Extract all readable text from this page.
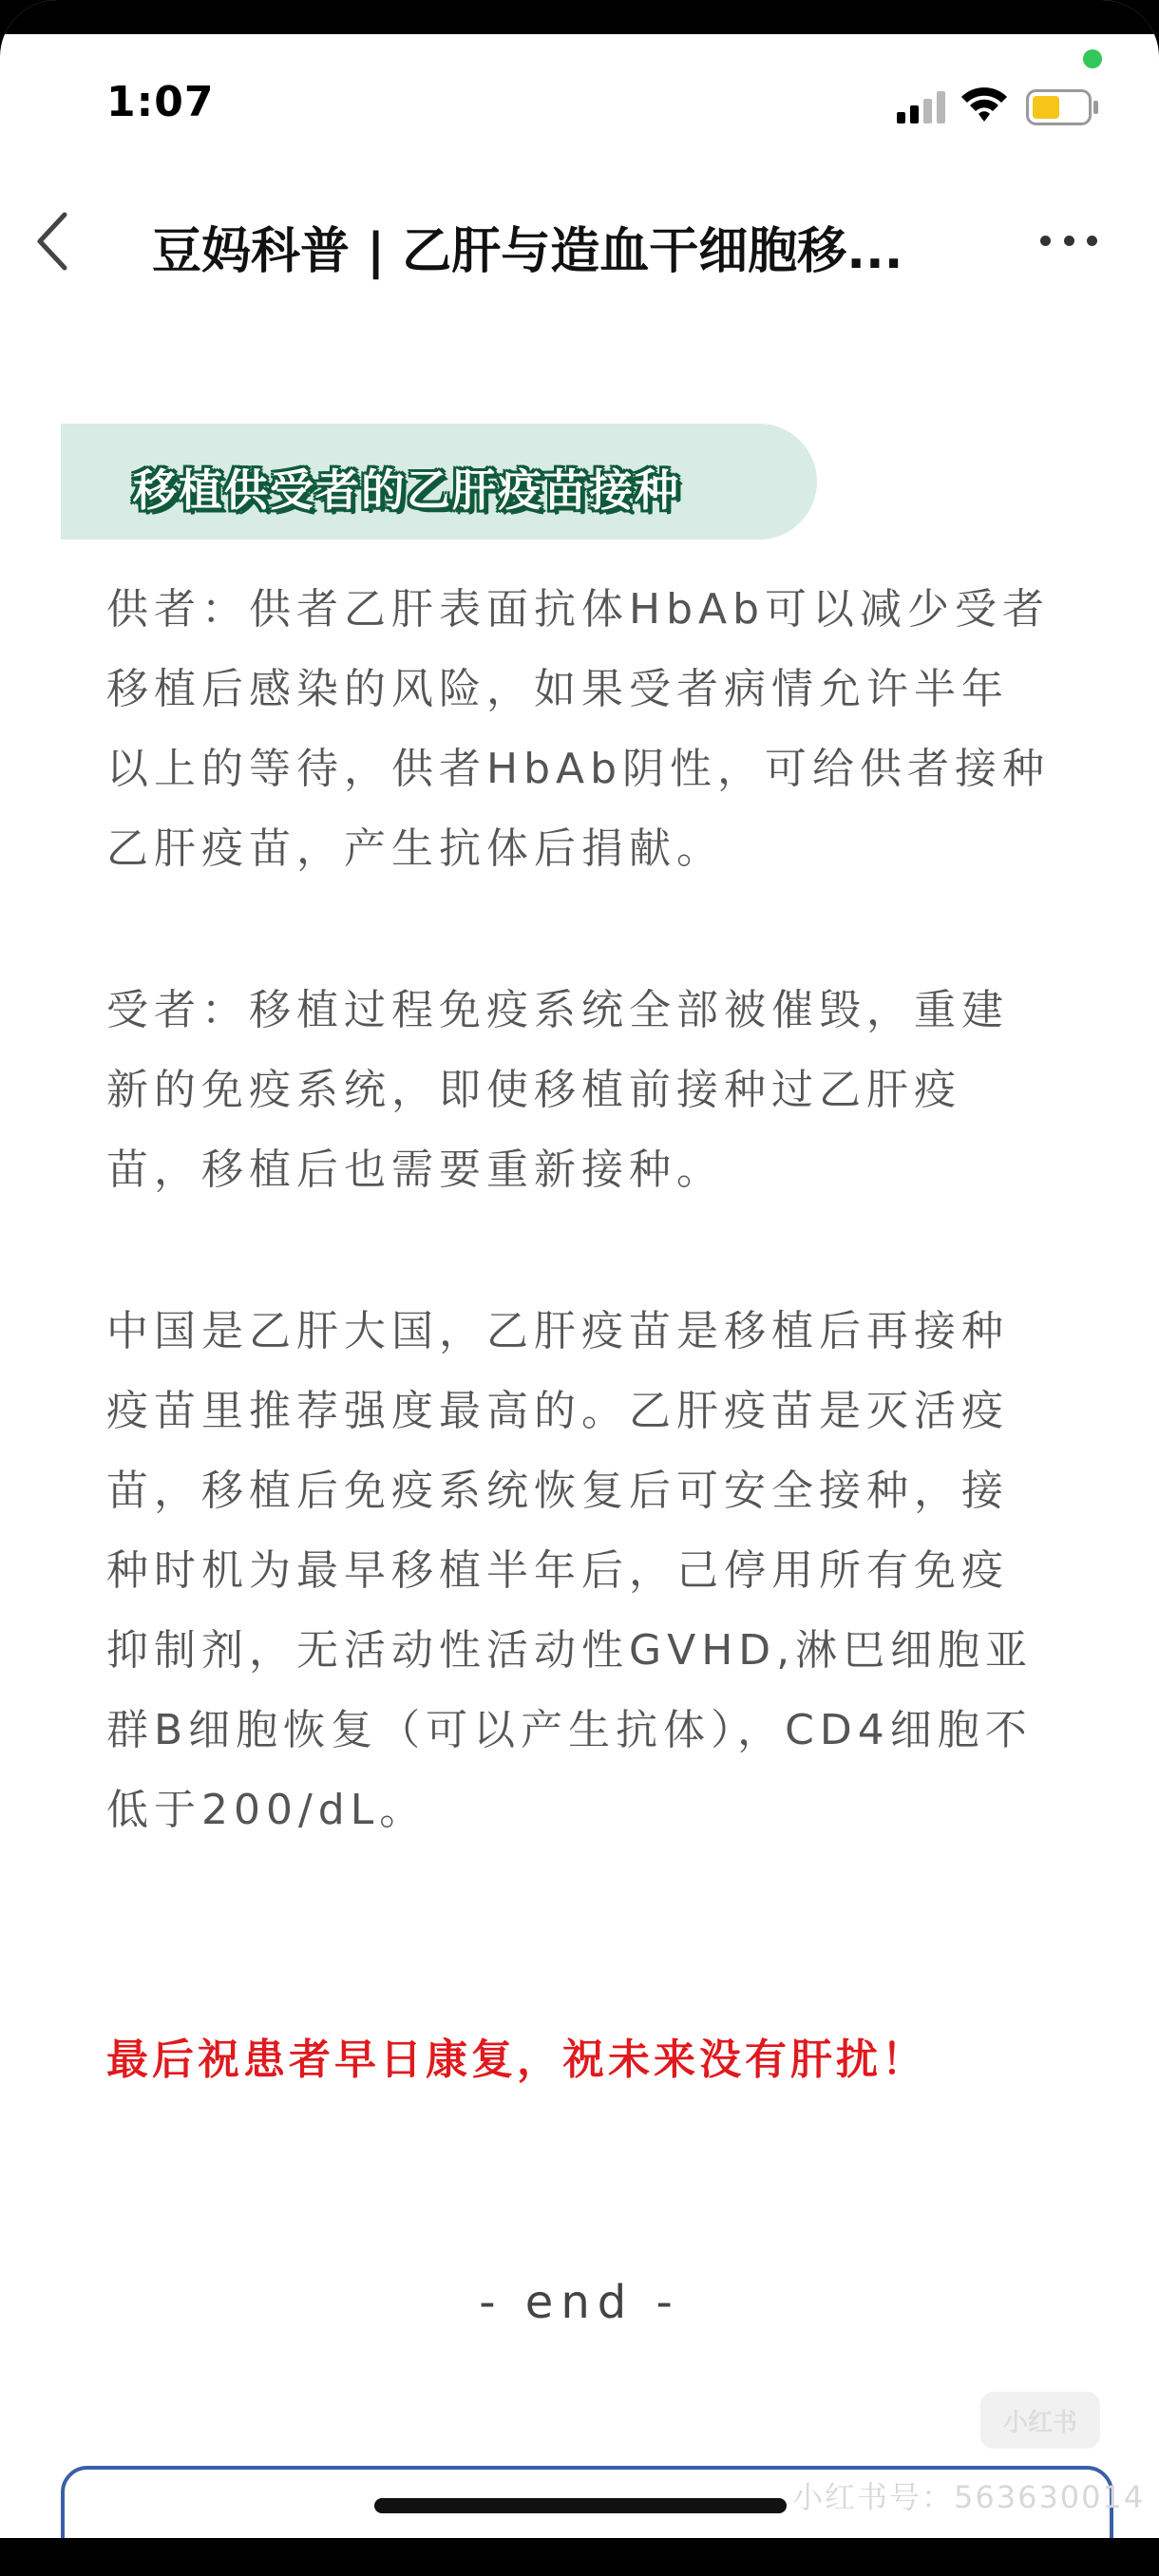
1:07
豆妈科普 | 乙肝与造血干细胞移...
移植供受者的乙肝疫苗接种
供者：供者乙肝表面抗体HbAb可以减少受者
移植后感染的风险，如果受者病情允许半年
以上的等待，供者HbAb阴性，可给供者接种
乙肝疫苗，产生抗体后捐献。
受者：移植过程免疫系统全部被催毁，重建
新的免疫系统，即使移植前接种过乙肝疫
苗，移植后也需要重新接种。
中国是乙肝大国，乙肝疫苗是移植后再接种
疫苗里推荐强度最高的。乙肝疫苗是灭活疫
苗，移植后免疫系统恢复后可安全接种，接
种时机为最早移植半年后，己停用所有免疫
抑制剂，无活动性活动性GVHD,淋巴细胞亚
群B细胞恢复（可以产生抗体），CD4细胞不
低于200/dL。
最后祝患者早日康复，祝未来没有肝扰！
- end -
小红书
小红书号：563630014
